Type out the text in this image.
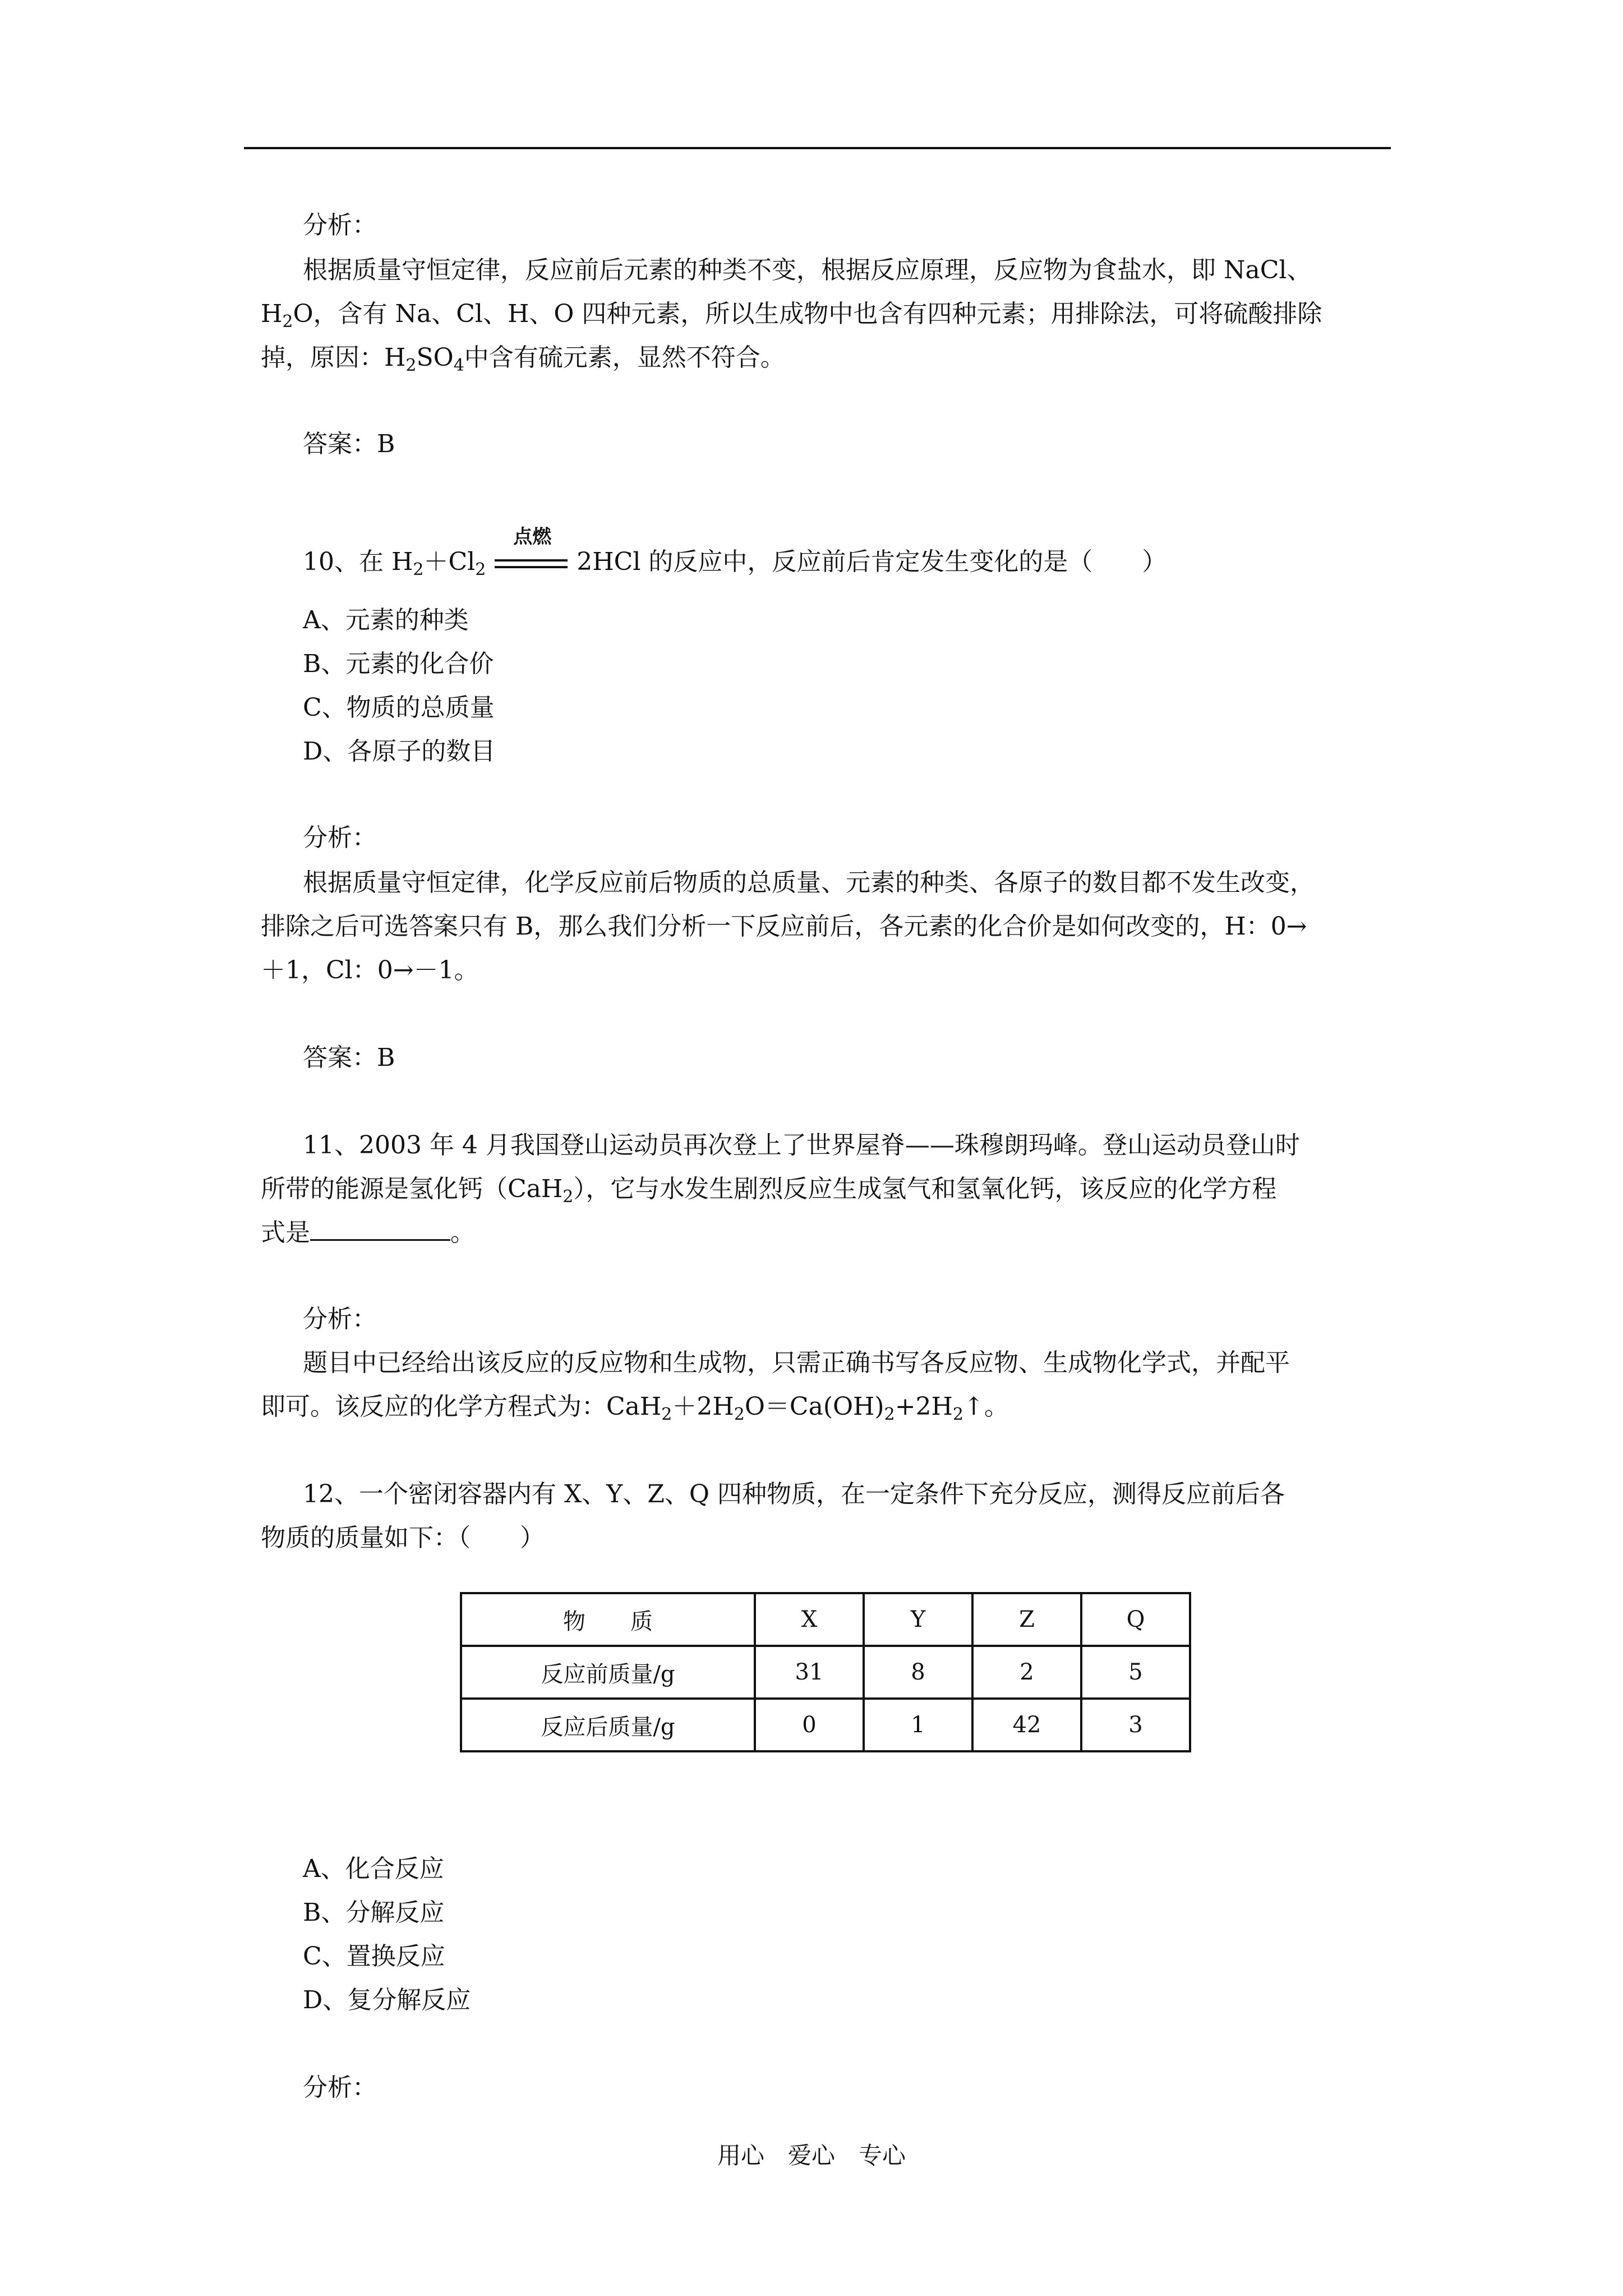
分析：
根据质量守恒定律，反应前后元素的种类不变，根据反应原理，反应物为食盐水，即 NaCl、
$H_2O$，含有 Na、Cl、H、O 四种元素，所以生成物中也含有四种元素；用排除法，可将硫酸排除
掉，原因：$H_2SO_4$中含有硫元素，显然不符合。
答案：B
10、在 $H_2+Cl_2$
点燃
2HCl 的反应中，反应前后肯定发生变化的是（　　）
A、元素的种类
B、元素的化合价
C、物质的总质量
D、各原子的数目
分析：
根据质量守恒定律，化学反应前后物质的总质量、元素的种类、各原子的数目都不发生改变，
排除之后可选答案只有 B，那么我们分析一下反应前后，各元素的化合价是如何改变的，H：0→
＋1，Cl：0→－1。
答案：B
11、2003 年 4 月我国登山运动员再次登上了世界屋脊——珠穆朗玛峰。登山运动员登山时
所带的能源是氢化钙（CaH$_2$），它与水发生剧烈反应生成氢气和氢氧化钙，该反应的化学方程
式是	。
分析：
题目中已经给出该反应的反应物和生成物，只需正确书写各反应物、生成物化学式，并配平
即可。该反应的化学方程式为：$CaH_2+2H_2O=Ca(OH)_2+2H_2↑$。
12、一个密闭容器内有 X、Y、Z、Q 四种物质，在一定条件下充分反应，测得反应前后各
物质的质量如下：（　　）
物　　质	X	Y	Z	Q
反应前质量/g	31	8	2	5
反应后质量/g	0	1	42	3
A、化合反应
B、分解反应
C、置换反应
D、复分解反应
分析：
用心　爱心　专心
